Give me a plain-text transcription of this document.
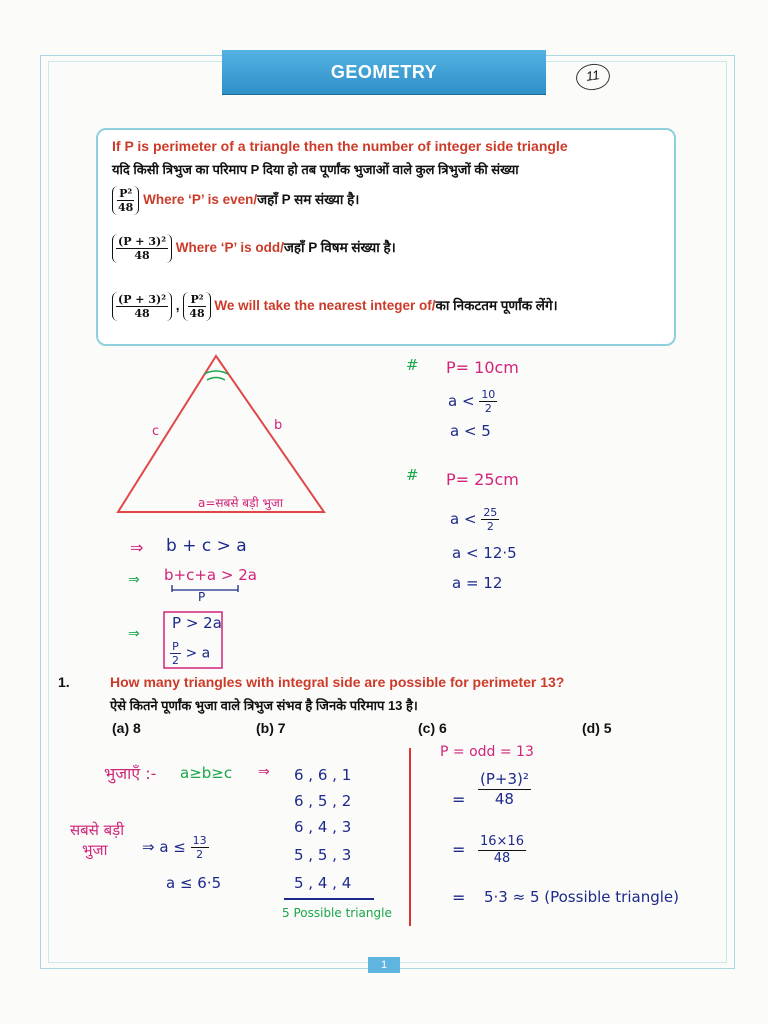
GEOMETRY	11
If P is perimeter of a triangle then the number of integer side triangle
यदि किसी त्रिभुज का परिमाप P दिया हो तब पूर्णांक भुजाओं वाले कुल त्रिभुजों की संख्या
$\frac{\text{P²}}{48}$ Where ‘P’ is even/जहाँ P सम संख्या है।
$\frac{\text{(P + 3)²}}{48}$ Where ‘P’ is odd/जहाँ P विषम संख्या है।
$\frac{\text{(P + 3)²}}{48}$ , $\frac{\text{P²}}{48}$ We will take the nearest integer of/का निकटतम पूर्णांक लेंगे।
c	b
a=सबसे बड़ी भुजा
⇒ b + c > a
⇒ b+c+a > 2a
P
⇒
P > 2a
$\frac{P}{2} > a$
# P= 10cm
$a < \frac{10}{2}$
a < 5
# P= 25cm
$a < \frac{25}{2}$
a < 12·5
a = 12
1.	How many triangles with integral side are possible for perimeter 13?
ऐसे कितने पूर्णांक भुजा वाले त्रिभुज संभव है जिनके परिमाप 13 है।
(a) 8	(b) 7	(c) 6	(d) 5
भुजाएँ :- a≥b≥c ⇒ 6 , 6 , 1
6 , 5 , 2
6 , 4 , 3
5 , 5 , 3
5 , 4 , 4
5 Possible triangle
सबसे बड़ी
भुजा ⇒ $a \le \frac{13}{2}$
a ≤ 6·5
P = odd = 13
= $\frac{\text{(P+3)²}}{48}$
= $\frac{16\times 16}{48}$
= 5·3 ≈ 5 (Possible triangle)
1
